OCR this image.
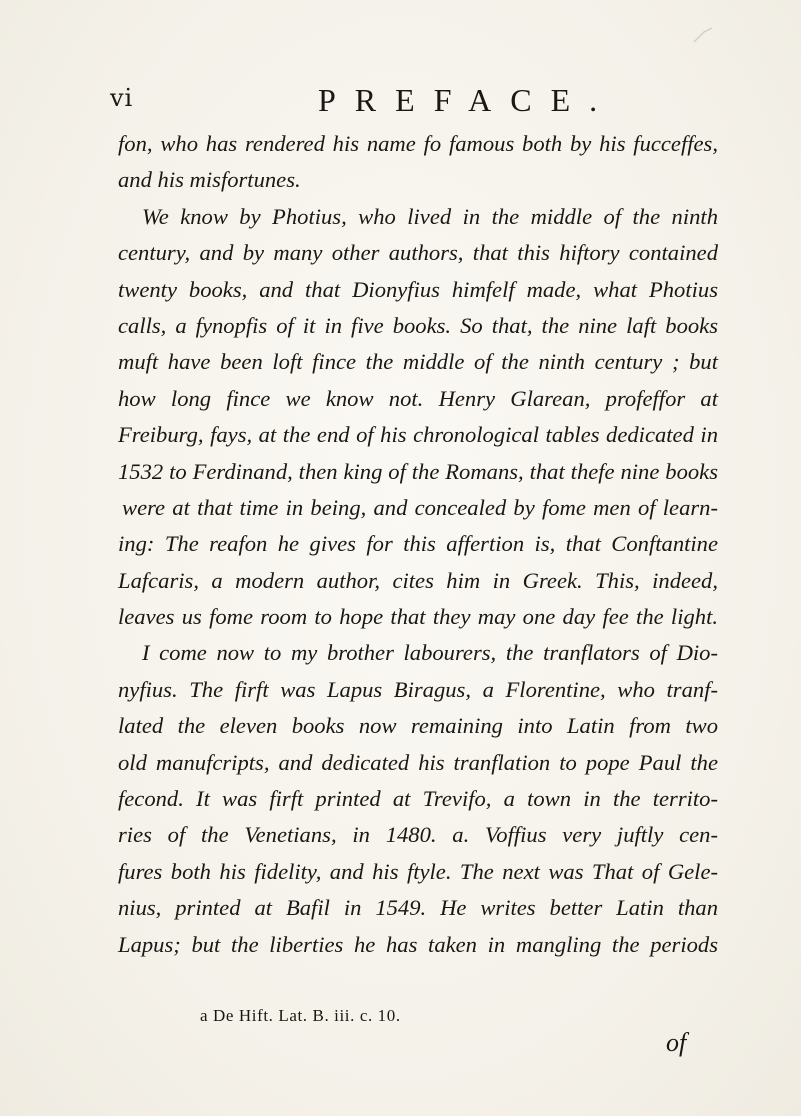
vi	PREFACE.
fon, who has rendered his name fo famous both by his fucceffes,
and his misfortunes.
We know by Photius, who lived in the middle of the ninth
century, and by many other authors, that this hiftory contained
twenty books, and that Dionyfius himfelf made, what Photius
calls, a fynopfis of it in five books. So that, the nine laft books
muft have been loft fince the middle of the ninth century ; but
how long fince we know not. Henry Glarean, profeffor at
Freiburg, fays, at the end of his chronological tables dedicated in
1532 to Ferdinand, then king of the Romans, that thefe nine books
were at that time in being, and concealed by fome men of learn-
ing: The reafon he gives for this affertion is, that Conftantine
Lafcaris, a modern author, cites him in Greek. This, indeed,
leaves us fome room to hope that they may one day fee the light.
I come now to my brother labourers, the tranflators of Dio-
nyfius. The firft was Lapus Biragus, a Florentine, who tranf-
lated the eleven books now remaining into Latin from two
old manufcripts, and dedicated his tranflation to pope Paul the
fecond. It was firft printed at Trevifo, a town in the territo-
ries of the Venetians, in 1480. a. Voffius very juftly cen-
fures both his fidelity, and his ftyle. The next was That of Gele-
nius, printed at Bafil in 1549. He writes better Latin than
Lapus; but the liberties he has taken in mangling the periods
a De Hift. Lat. B. iii. c. 10.
of
